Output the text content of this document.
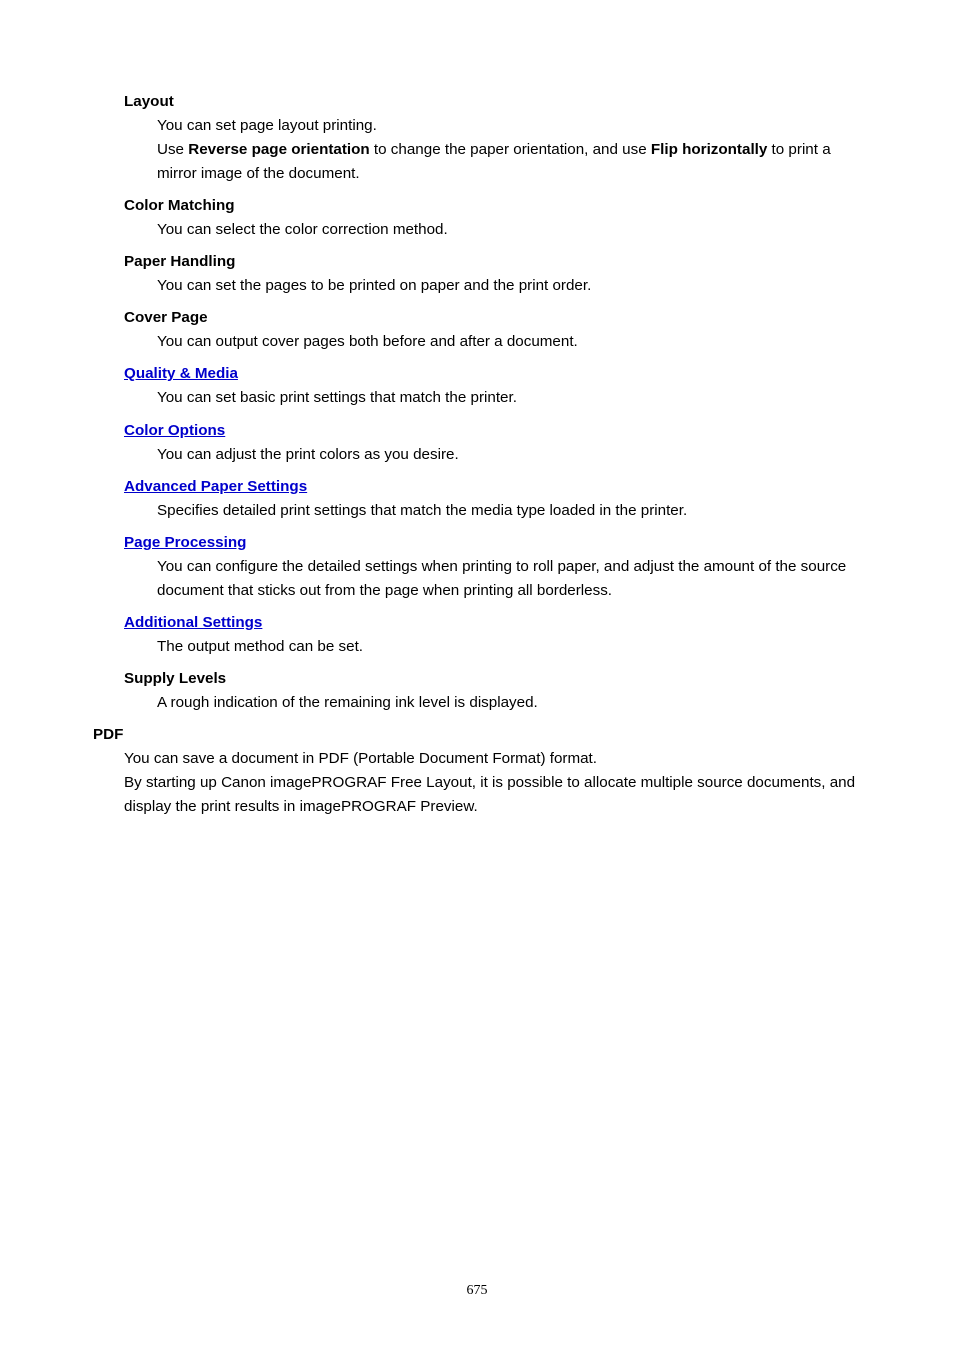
Layout

You can set page layout printing.

Use Reverse page orientation to change the paper orientation, and use Flip horizontally to print a mirror image of the document.

Color Matching
You can select the color correction method.
Paper Handling
You can set the pages to be printed on paper and the print order.
Cover Page
You can output cover pages both before and after a document.
Quality & Media
You can set basic print settings that match the printer.
Color Options
You can adjust the print colors as you desire.
Advanced Paper Settings
Specifies detailed print settings that match the media type loaded in the printer.
Page Processing
You can configure the detailed settings when printing to roll paper, and adjust the amount of the source document that sticks out from the page when printing all borderless.
Additional Settings
The output method can be set.
Supply Levels
A rough indication of the remaining ink level is displayed.
PDF

You can save a document in PDF (Portable Document Format) format.

By starting up Canon imagePROGRAF Free Layout, it is possible to allocate multiple source documents, and display the print results in imagePROGRAF Preview.

675
